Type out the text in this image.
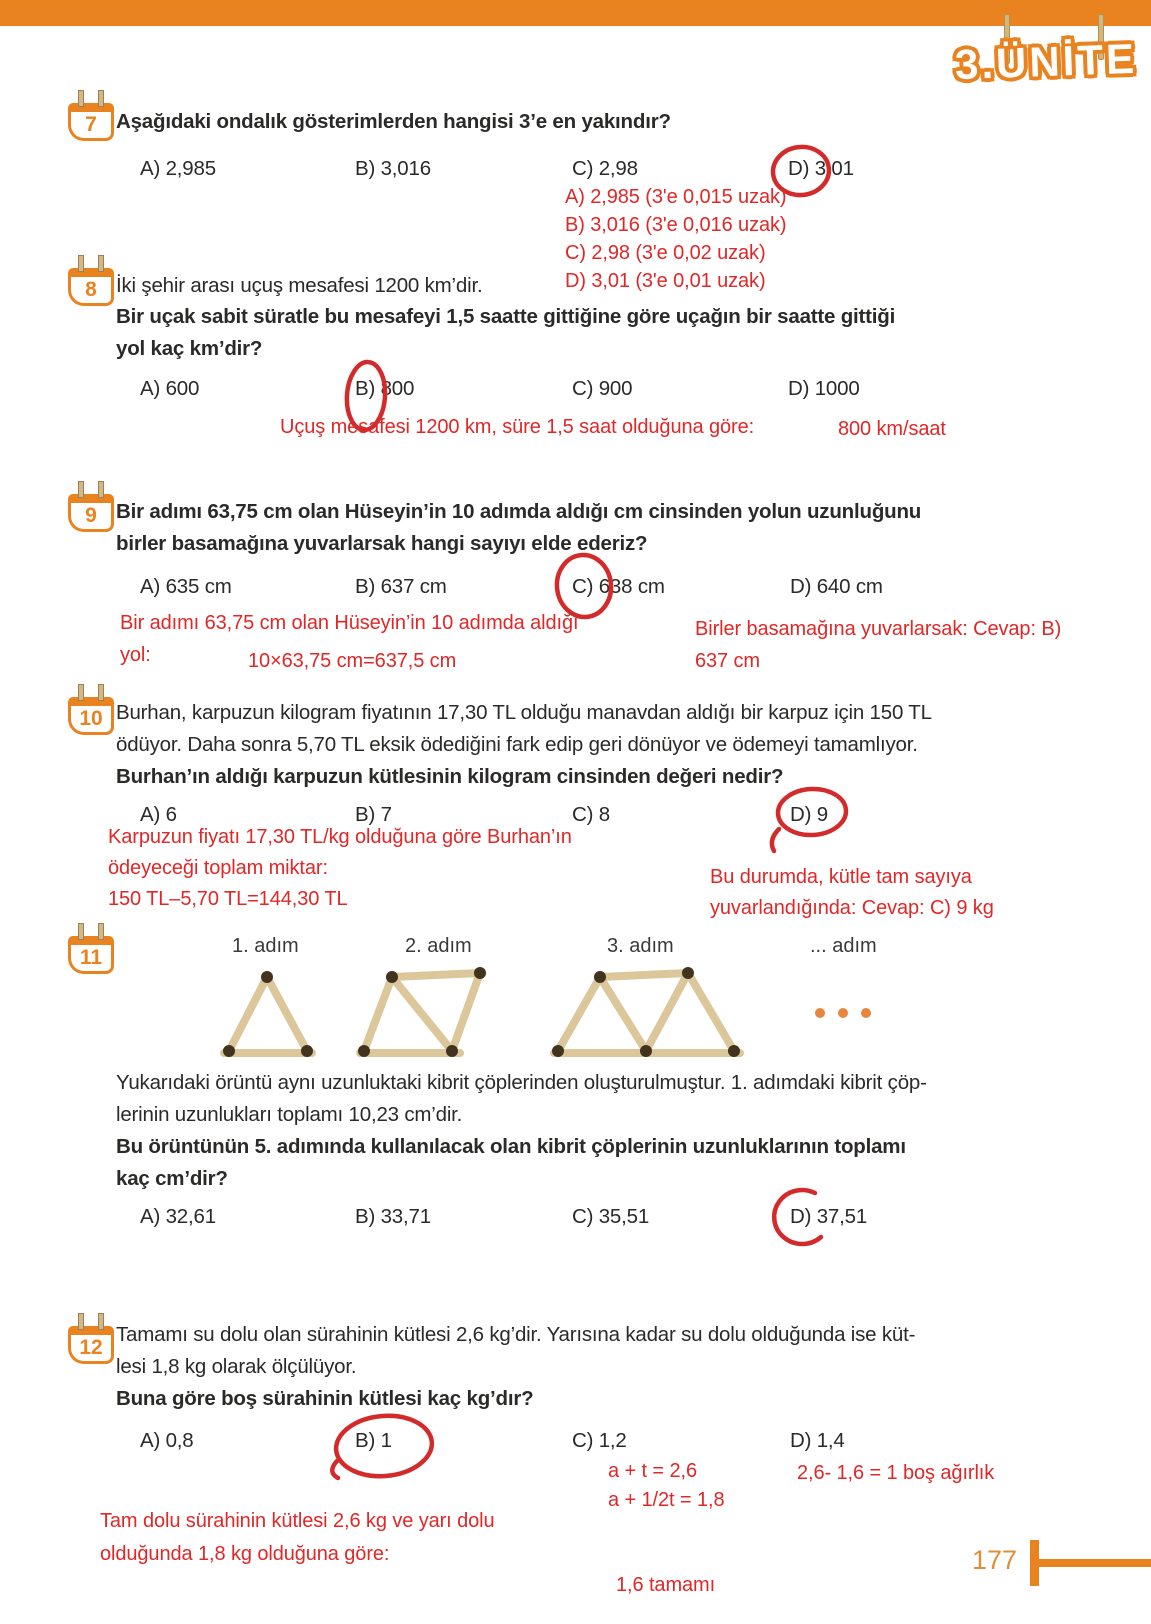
3.ÜNİTE
7 Aşağıdaki ondalık gösterimlerden hangisi 3’e en yakındır?
A) 2,985	B) 3,016	C) 2,98	D) 3,01
A) 2,985 (3'e 0,015 uzak)
B) 3,016 (3'e 0,016 uzak)
C) 2,98 (3'e 0,02 uzak)
D) 3,01 (3'e 0,01 uzak)
8 İki şehir arası uçuş mesafesi 1200 km’dir.
Bir uçak sabit süratle bu mesafeyi 1,5 saatte gittiğine göre uçağın bir saatte gittiği
yol kaç km’dir?
A) 600	B) 800	C) 900	D) 1000
Uçuş mesafesi 1200 km, süre 1,5 saat olduğuna göre:	800 km/saat
9 Bir adımı 63,75 cm olan Hüseyin’in 10 adımda aldığı cm cinsinden yolun uzunluğunu
birler basamağına yuvarlarsak hangi sayıyı elde ederiz?
A) 635 cm	B) 637 cm	C) 638 cm	D) 640 cm
Bir adımı 63,75 cm olan Hüseyin’in 10 adımda aldığı
yol:	10×63,75 cm=637,5 cm
Birler basamağına yuvarlarsak: Cevap: B)
637 cm
10 Burhan, karpuzun kilogram fiyatının 17,30 TL olduğu manavdan aldığı bir karpuz için 150 TL
ödüyor. Daha sonra 5,70 TL eksik ödediğini fark edip geri dönüyor ve ödemeyi tamamlıyor.
Burhan’ın aldığı karpuzun kütlesinin kilogram cinsinden değeri nedir?
A) 6	B) 7	C) 8	D) 9
Karpuzun fiyatı 17,30 TL/kg olduğuna göre Burhan’ın
ödeyeceği toplam miktar:
150 TL–5,70 TL=144,30 TL
Bu durumda, kütle tam sayıya
yuvarlandığında: Cevap: C) 9 kg
11	1. adım	2. adım	3. adım	... adım
Yukarıdaki örüntü aynı uzunluktaki kibrit çöplerinden oluşturulmuştur. 1. adımdaki kibrit çöp-
lerinin uzunlukları toplamı 10,23 cm’dir.
Bu örüntünün 5. adımında kullanılacak olan kibrit çöplerinin uzunluklarının toplamı
kaç cm’dir?
A) 32,61	B) 33,71	C) 35,51	D) 37,51
12
Tamamı su dolu olan sürahinin kütlesi 2,6 kg’dir. Yarısına kadar su dolu olduğunda ise küt-
lesi 1,8 kg olarak ölçülüyor.
Buna göre boş sürahinin kütlesi kaç kg’dır?
A) 0,8	B) 1	C) 1,2	D) 1,4
a + t = 2,6
a + 1/2t = 1,8
2,6- 1,6 = 1 boş ağırlık
Tam dolu sürahinin kütlesi 2,6 kg ve yarı dolu
olduğunda 1,8 kg olduğuna göre:
1,6 tamamı
177
